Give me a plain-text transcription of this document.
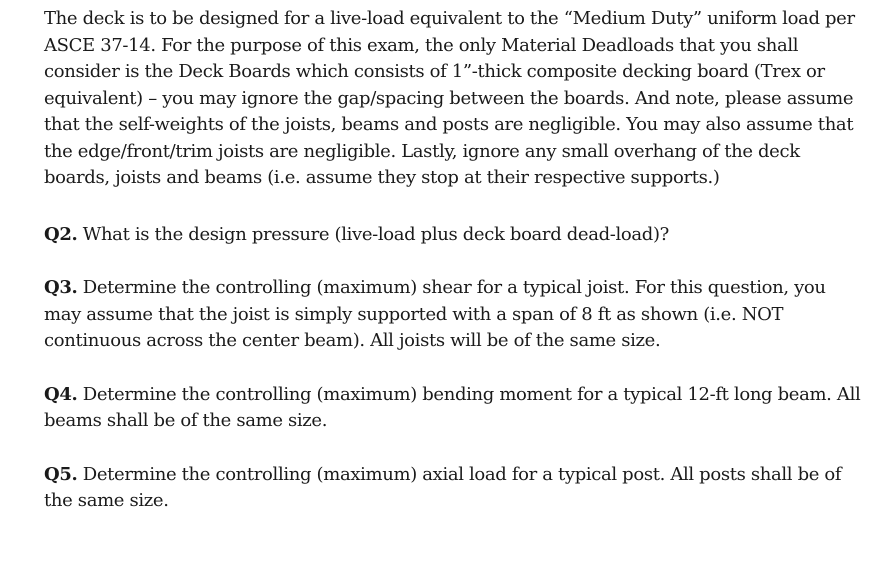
The deck is to be designed for a live-load equivalent to the “Medium Duty” uniform load per ASCE 37-14. For the purpose of this exam, the only Material Deadloads that you shall consider is the Deck Boards which consists of 1”-thick composite decking board (Trex or equivalent) – you may ignore the gap/spacing between the boards. And note, please assume that the self-weights of the joists, beams and posts are negligible. You may also assume that the edge/front/trim joists are negligible. Lastly, ignore any small overhang of the deck boards, joists and beams (i.e. assume they stop at their respective supports.)

Q2. What is the design pressure (live-load plus deck board dead-load)?

Q3. Determine the controlling (maximum) shear for a typical joist. For this question, you may assume that the joist is simply supported with a span of 8 ft as shown (i.e. NOT continuous across the center beam). All joists will be of the same size.

Q4. Determine the controlling (maximum) bending moment for a typical 12-ft long beam. All beams shall be of the same size.

Q5. Determine the controlling (maximum) axial load for a typical post. All posts shall be of the same size.
